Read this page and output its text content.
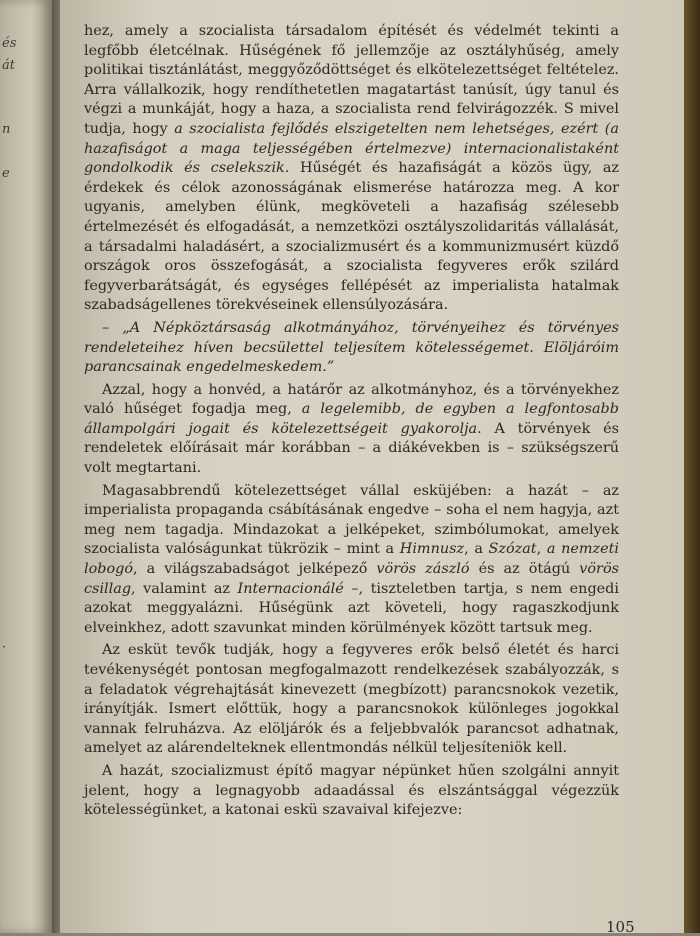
és
át
n
e
·

hez, amely a szocialista társadalom építését és védelmét tekinti a legfőbb életcélnak. Hűségének fő jellemzője az osztályhűség, amely politikai tisztánlátást, meggyőződöttséget és elkötelezettséget feltételez. Arra vállalkozik, hogy rendíthetetlen magatartást tanúsít, úgy tanul és végzi a munkáját, hogy a haza, a szocialista rend felvirágozzék. S mivel tudja, hogy a szocialista fejlődés elszigetelten nem lehetséges, ezért (a hazafiságot a maga teljességében értelmezve) internacionalistaként gondolkodik és cselekszik. Hűségét és hazafiságát a közös ügy, az érdekek és célok azonosságának elismerése határozza meg. A kor ugyanis, amelyben élünk, megköveteli a hazafiság szélesebb értelmezését és elfogadását, a nemzetközi osztályszolidaritás vállalását, a társadalmi haladásért, a szocializmusért és a kommunizmusért küzdő országok oros összefogását, a szocialista fegyveres erők szilárd fegyverbarátságát, és egységes fellépését az imperialista hatalmak szabadságellenes törekvéseinek ellensúlyozására.

– „A Népköztársaság alkotmányához, törvényeihez és törvényes rendeleteihez híven becsülettel teljesítem kötelességemet. Elöljáróim parancsainak engedelmeskedem.”

Azzal, hogy a honvéd, a határőr az alkotmányhoz, és a törvényekhez való hűséget fogadja meg, a legelemibb, de egyben a legfontosabb állampolgári jogait és kötelezettségeit gyakorolja. A törvények és rendeletek előírásait már korábban – a diákévekben is – szükségszerű volt megtartani.

Magasabbrendű kötelezettséget vállal esküjében: a hazát – az imperialista propaganda csábításának engedve – soha el nem hagyja, azt meg nem tagadja. Mindazokat a jelképeket, szimbólumokat, amelyek szocialista valóságunkat tükrözik – mint a Himnusz, a Szózat, a nemzeti lobogó, a világszabadságot jelképező vörös zászló és az ötágú vörös csillag, valamint az Internacionálé –, tiszteletben tartja, s nem engedi azokat meggyalázni. Hűségünk azt követeli, hogy ragaszkodjunk elveinkhez, adott szavunkat minden körülmények között tartsuk meg.

Az esküt tevők tudják, hogy a fegyveres erők belső életét és harci tevékenységét pontosan megfogalmazott rendelkezések szabályozzák, s a feladatok végrehajtását kinevezett (megbízott) parancsnokok vezetik, irányítják. Ismert előttük, hogy a parancsnokok különleges jogokkal vannak felruházva. Az elöljárók és a feljebbvalók parancsot adhatnak, amelyet az alárendelteknek ellentmondás nélkül teljesíteniök kell.

A hazát, szocializmust építő magyar népünket hűen szolgálni annyit jelent, hogy a legnagyobb adaadással és elszántsággal végezzük kötelességünket, a katonai eskü szavaival kifejezve:

105
